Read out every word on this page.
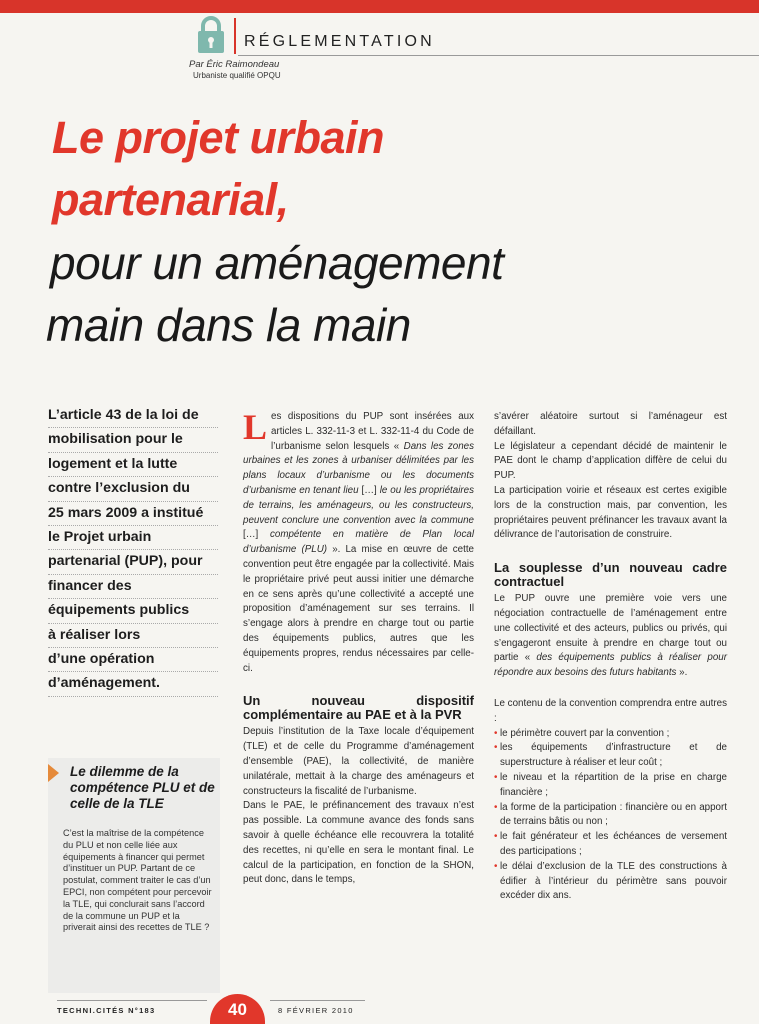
RÉGLEMENTATION
Par Éric Raimondeau
Urbaniste qualifié OPQU
Le projet urbain
partenarial,
pour un aménagement
main dans la main
L’article 43 de la loi de
mobilisation pour le
logement et la lutte
contre l’exclusion du
25 mars 2009 a institué
le Projet urbain
partenarial (PUP), pour
financer des
équipements publics
à réaliser lors
d’une opération
d’aménagement.
Le dilemme de la compétence PLU et de celle de la TLE
C’est la maîtrise de la compétence du PLU et non celle liée aux équipements à financer qui permet d’instituer un PUP. Partant de ce postulat, comment traiter le cas d’un EPCI, non compétent pour percevoir la TLE, qui conclurait sans l’accord de la commune un PUP et la priverait ainsi des recettes de TLE ?

Les dispositions du PUP sont insérées aux articles L. 332-11-3 et L. 332-11-4 du Code de l’urbanisme selon lesquels « Dans les zones urbaines et les zones à urbaniser délimitées par les plans locaux d’urbanisme ou les documents d’urbanisme en tenant lieu […] le ou les propriétaires de terrains, les aménageurs, ou les constructeurs, peuvent conclure une convention avec la commune […] compétente en matière de Plan local d’urbanisme (PLU) ». La mise en œuvre de cette convention peut être engagée par la collectivité. Mais le propriétaire privé peut aussi initier une démarche en ce sens après qu’une collectivité a accepté une proposition d’aménagement sur ses terrains. Il s’engage alors à prendre en charge tout ou partie des équipements publics, autres que les équipements propres, rendus nécessaires par celle-ci.

Un nouveau dispositif complémentaire au PAE et à la PVR

Depuis l’institution de la Taxe locale d’équipement (TLE) et de celle du Programme d’aménagement d’ensemble (PAE), la collectivité, de manière unilatérale, mettait à la charge des aménageurs et constructeurs la fiscalité de l’urbanisme.

Dans le PAE, le préfinancement des travaux n’est pas possible. La commune avance des fonds sans savoir à quelle échéance elle recouvrera la totalité des recettes, ni qu’elle en sera le montant final. Le calcul de la participation, en fonction de la SHON, peut donc, dans le temps,

s’avérer aléatoire surtout si l’aménageur est défaillant.

Le législateur a cependant décidé de maintenir le PAE dont le champ d’application diffère de celui du PUP.

La participation voirie et réseaux est certes exigible lors de la construction mais, par convention, les propriétaires peuvent préfinancer les travaux avant la délivrance de l’autorisation de construire.

La souplesse d’un nouveau cadre contractuel

Le PUP ouvre une première voie vers une négociation contractuelle de l’aménagement entre une collectivité et des acteurs, publics ou privés, qui s’engageront ensuite à prendre en charge tout ou partie « des équipements publics à réaliser pour répondre aux besoins des futurs habitants ».

Le contenu de la convention comprendra entre autres :

• le périmètre couvert par la convention ;
• les équipements d’infrastructure et de superstructure à réaliser et leur coût ;
• le niveau et la répartition de la prise en charge financière ;
• la forme de la participation : financière ou en apport de terrains bâtis ou non ;
• le fait générateur et les échéances de versement des participations ;
• le délai d’exclusion de la TLE des constructions à édifier à l’intérieur du périmètre sans pouvoir excéder dix ans.
TECHNI.CITÉS N°183	40	8 FÉVRIER 2010
